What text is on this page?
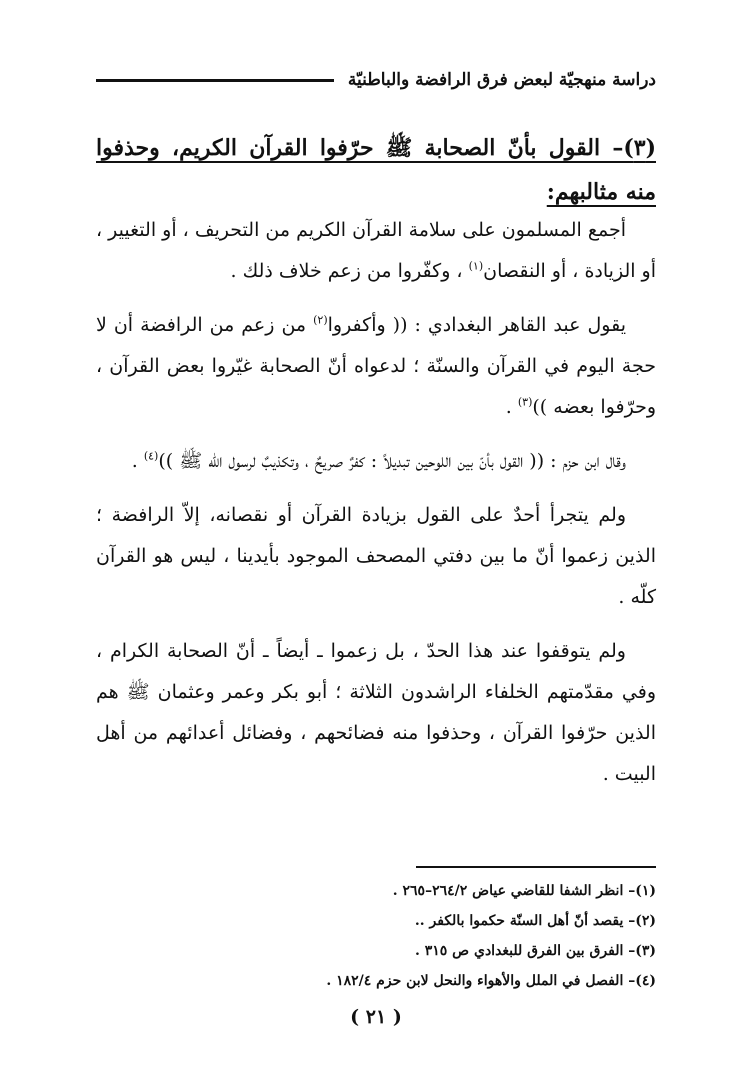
دراسة منهجيّة لبعض فرق الرافضة والباطنيّة
(٣)– القول بأنّ الصحابة ﷺ حرّفوا القرآن الكريم، وحذفوا منه مثالبهم:

أجمع المسلمون على سلامة القرآن الكريم من التحريف ، أو التغيير ، أو الزيادة ، أو النقصان$^{(١)}$ ، وكفّروا من زعم خلاف ذلك .

يقول عبد القاهر البغدادي : (( وأكفروا$^{(٢)}$ من زعم من الرافضة أن لا حجة اليوم في القرآن والسنّة ؛ لدعواه أنّ الصحابة غيّروا بعض القرآن ، وحرّفوا بعضه ))$^{(٣)}$ .

وقال ابن حزم : (( القول بأنّ بين اللوحين تبديلاً : كفرٌ صريحٌ ، وتكذيبٌ لرسول الله ﷺ ))$^{(٤)}$ .

ولم يتجرأ أحدٌ على القول بزيادة القرآن أو نقصانه، إلاّ الرافضة ؛ الذين زعموا أنّ ما بين دفتي المصحف الموجود بأيدينا ، ليس هو القرآن كلّه .

ولم يتوقفوا عند هذا الحدّ ، بل زعموا ـ أيضاً ـ أنّ الصحابة الكرام ، وفي مقدّمتهم الخلفاء الراشدون الثلاثة ؛ أبو بكر وعمر وعثمان ﷺ هم الذين حرّفوا القرآن ، وحذفوا منه فضائحهم ، وفضائل أعدائهم من أهل البيت .

(١)– انظر الشفا للقاضي عياض ٢٦٤/٢–٢٦٥ .
(٢)– يقصد أنّ أهل السنّة حكموا بالكفر ..
(٣)– الفرق بين الفرق للبغدادي ص ٣١٥ .
(٤)– الفصل في الملل والأهواء والنحل لابن حزم ١٨٢/٤ .
( ٢١ )
